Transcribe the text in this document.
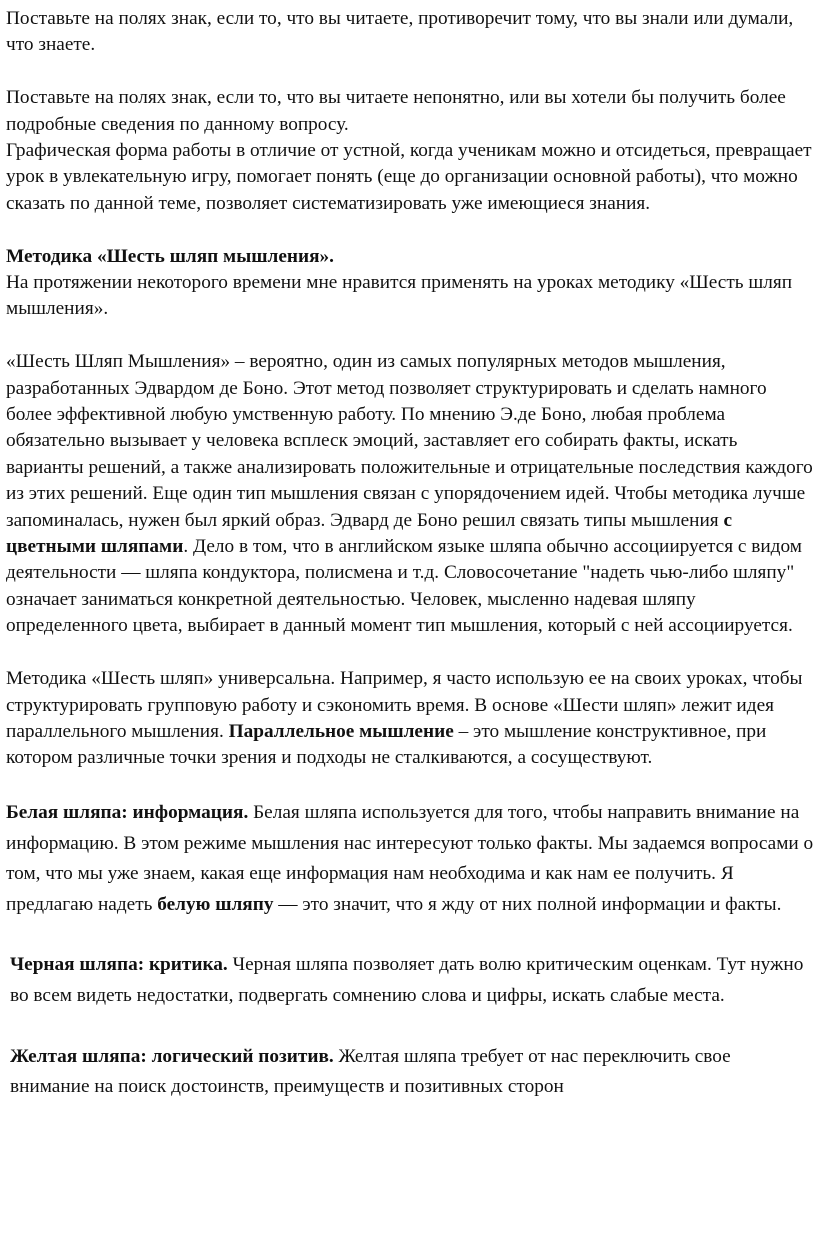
Поставьте на полях знак, если то, что вы читаете, противоречит тому, что вы знали или думали, что знаете.

Поставьте на полях знак, если то, что вы читаете непонятно, или вы хотели бы получить более подробные сведения по данному вопросу.

Графическая форма работы в отличие от устной, когда ученикам можно и отсидеться, превращает урок в увлекательную игру, помогает понять (еще до организации основной работы), что можно сказать по данной теме, позволяет систематизировать уже имеющиеся знания.

Методика «Шесть шляп мышления».

На протяжении некоторого времени мне нравится применять на уроках методику «Шесть шляп мышления».

«Шесть Шляп Мышления» – вероятно, один из самых популярных методов мышления, разработанных Эдвардом де Боно. Этот метод позволяет структурировать и сделать намного более эффективной любую умственную работу. По мнению Э.де Боно, любая проблема обязательно вызывает у человека всплеск эмоций, заставляет его собирать факты, искать варианты решений, а также анализировать положительные и отрицательные последствия каждого из этих решений. Еще один тип мышления связан с упорядочением идей. Чтобы методика лучше запоминалась, нужен был яркий образ. Эдвард де Боно решил связать типы мышления с цветными шляпами. Дело в том, что в английском языке шляпа обычно ассоциируется с видом деятельности — шляпа кондуктора, полисмена и т.д. Словосочетание "надеть чью-либо шляпу" означает заниматься конкретной деятельностью. Человек, мысленно надевая шляпу определенного цвета, выбирает в данный момент тип мышления, который с ней ассоциируется.

Методика «Шесть шляп» универсальна. Например, я часто использую ее на своих уроках, чтобы структурировать групповую работу и сэкономить время. В основе «Шести шляп» лежит идея параллельного мышления. Параллельное мышление – это мышление конструктивное, при котором различные точки зрения и подходы не сталкиваются, а сосуществуют.

Белая шляпа: информация. Белая шляпа используется для того, чтобы направить внимание на информацию. В этом режиме мышления нас интересуют только факты. Мы задаемся вопросами о том, что мы уже знаем, какая еще информация нам необходима и как нам ее получить. Я предлагаю надеть белую шляпу — это значит, что я жду от них полной информации и факты.

Черная шляпа: критика. Черная шляпа позволяет дать волю критическим оценкам. Тут нужно во всем видеть недостатки, подвергать сомнению слова и цифры, искать слабые места.

Желтая шляпа: логический позитив. Желтая шляпа требует от нас переключить свое внимание на поиск достоинств, преимуществ и позитивных сторон
